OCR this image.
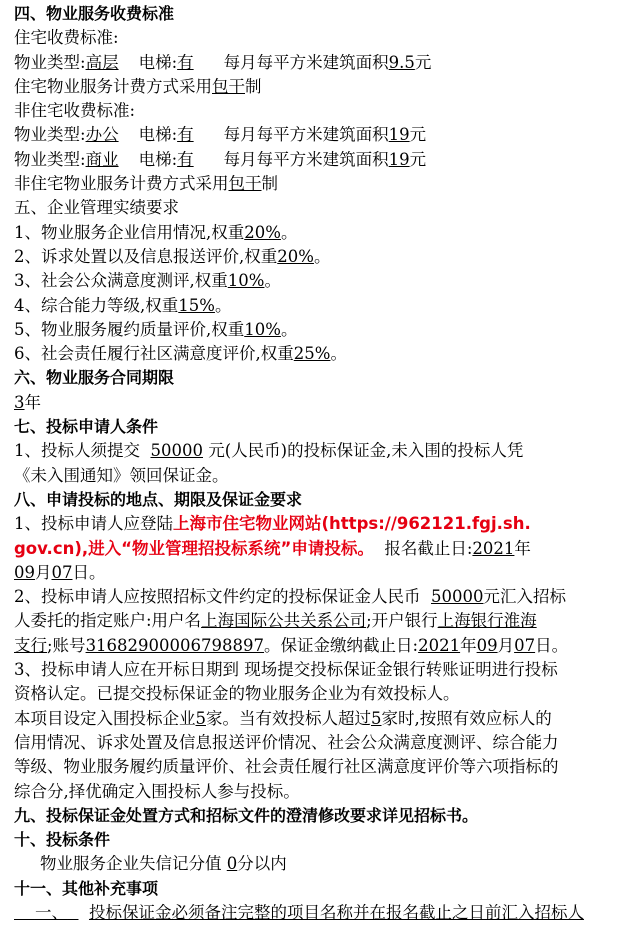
四、物业服务收费标准
住宅收费标准:
物业类型:高层 电梯:有 每月每平方米建筑面积9.5元
住宅物业服务计费方式采用包干制
非住宅收费标准:
物业类型:办公 电梯:有 每月每平方米建筑面积19元
物业类型:商业 电梯:有 每月每平方米建筑面积19元
非住宅物业服务计费方式采用包干制
五、企业管理实绩要求
1、物业服务企业信用情况,权重20%。
2、诉求处置以及信息报送评价,权重20%。
3、社会公众满意度测评,权重10%。
4、综合能力等级,权重15%。
5、物业服务履约质量评价,权重10%。
6、社会责任履行社区满意度评价,权重25%。
六、物业服务合同期限
3年
七、投标申请人条件
1、投标人须提交 50000 元(人民币)的投标保证金,未入围的投标人凭
《未入围通知》领回保证金。
八、申请投标的地点、期限及保证金要求
1、投标申请人应登陆上海市住宅物业网站(https://962121.fgj.sh.
gov.cn),进入“物业管理招投标系统”申请投标。 报名截止日:2021年
09月07日。
2、投标申请人应按照招标文件约定的投标保证金人民币 50000元汇入招标
人委托的指定账户:用户名上海国际公共关系公司;开户银行上海银行淮海
支行;账号31682900006798897。保证金缴纳截止日:2021年09月07日。
3、投标申请人应在开标日期到 现场提交投标保证金银行转账证明进行投标
资格认定。已提交投标保证金的物业服务企业为有效投标人。
本项目设定入围投标企业5家。当有效投标人超过5家时,按照有效应标人的
信用情况、诉求处置及信息报送评价情况、社会公众满意度测评、综合能力
等级、物业服务履约质量评价、社会责任履行社区满意度评价等六项指标的
综合分,择优确定入围投标人参与投标。
九、投标保证金处置方式和招标文件的澄清修改要求详见招标书。
十、投标条件
物业服务企业失信记分值 0分以内
十一、其他补充事项
一、 投标保证金必须备注完整的项目名称并在报名截止之日前汇入招标人
